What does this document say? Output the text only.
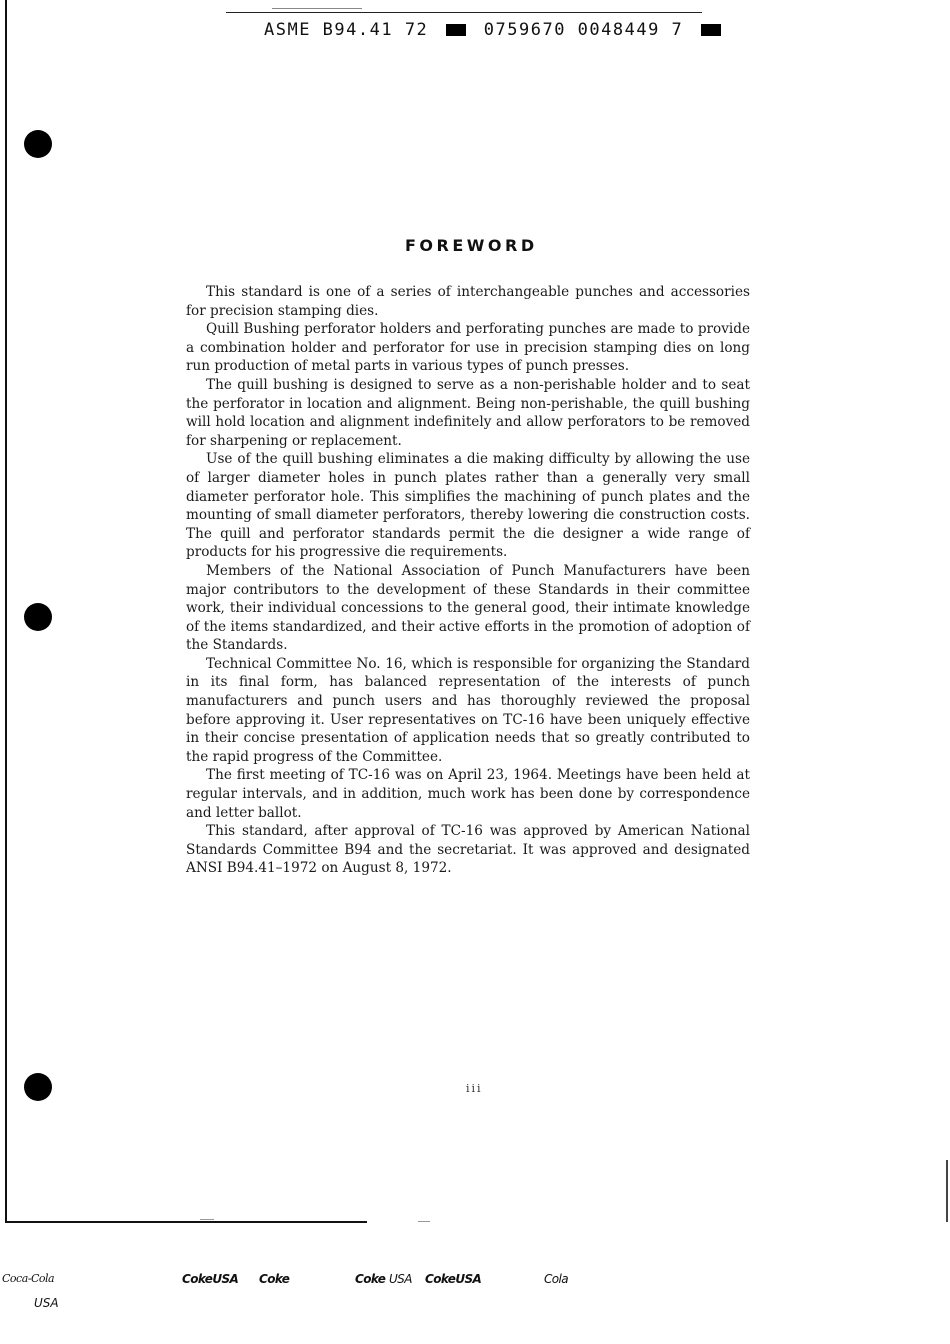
ASME B94.41 72	0759670 0048449 7
FOREWORD

This standard is one of a series of interchangeable punches and accessories for precision stamping dies.

Quill Bushing perforator holders and perforating punches are made to provide a combination holder and perforator for use in precision stamping dies on long run production of metal parts in various types of punch presses.

The quill bushing is designed to serve as a non-perishable holder and to seat the perforator in location and alignment. Being non-perishable, the quill bushing will hold location and alignment indefinitely and allow perforators to be removed for sharpening or replacement.

Use of the quill bushing eliminates a die making difficulty by allowing the use of larger diameter holes in punch plates rather than a generally very small diameter perforator hole. This simplifies the machining of punch plates and the mounting of small diameter perforators, thereby lowering die construction costs. The quill and perforator standards permit the die designer a wide range of products for his progressive die requirements.

Members of the National Association of Punch Manufacturers have been major contributors to the development of these Standards in their committee work, their individual concessions to the general good, their intimate knowledge of the items standardized, and their active efforts in the promotion of adoption of the Standards.

Technical Committee No. 16, which is responsible for organizing the Standard in its final form, has balanced representation of the interests of punch manufacturers and punch users and has thoroughly reviewed the proposal before approving it. User representatives on TC-16 have been uniquely effective in their concise presentation of application needs that so greatly contributed to the rapid progress of the Committee.

The first meeting of TC-16 was on April 23, 1964. Meetings have been held at regular intervals, and in addition, much work has been done by correspondence and letter ballot.

This standard, after approval of TC-16 was approved by American National Standards Committee B94 and the secretariat. It was approved and designated ANSI B94.41–1972 on August 8, 1972.

iii
Coca-Cola
USA
CokeUSA Coke	Coke USA CokeUSA	Cola
